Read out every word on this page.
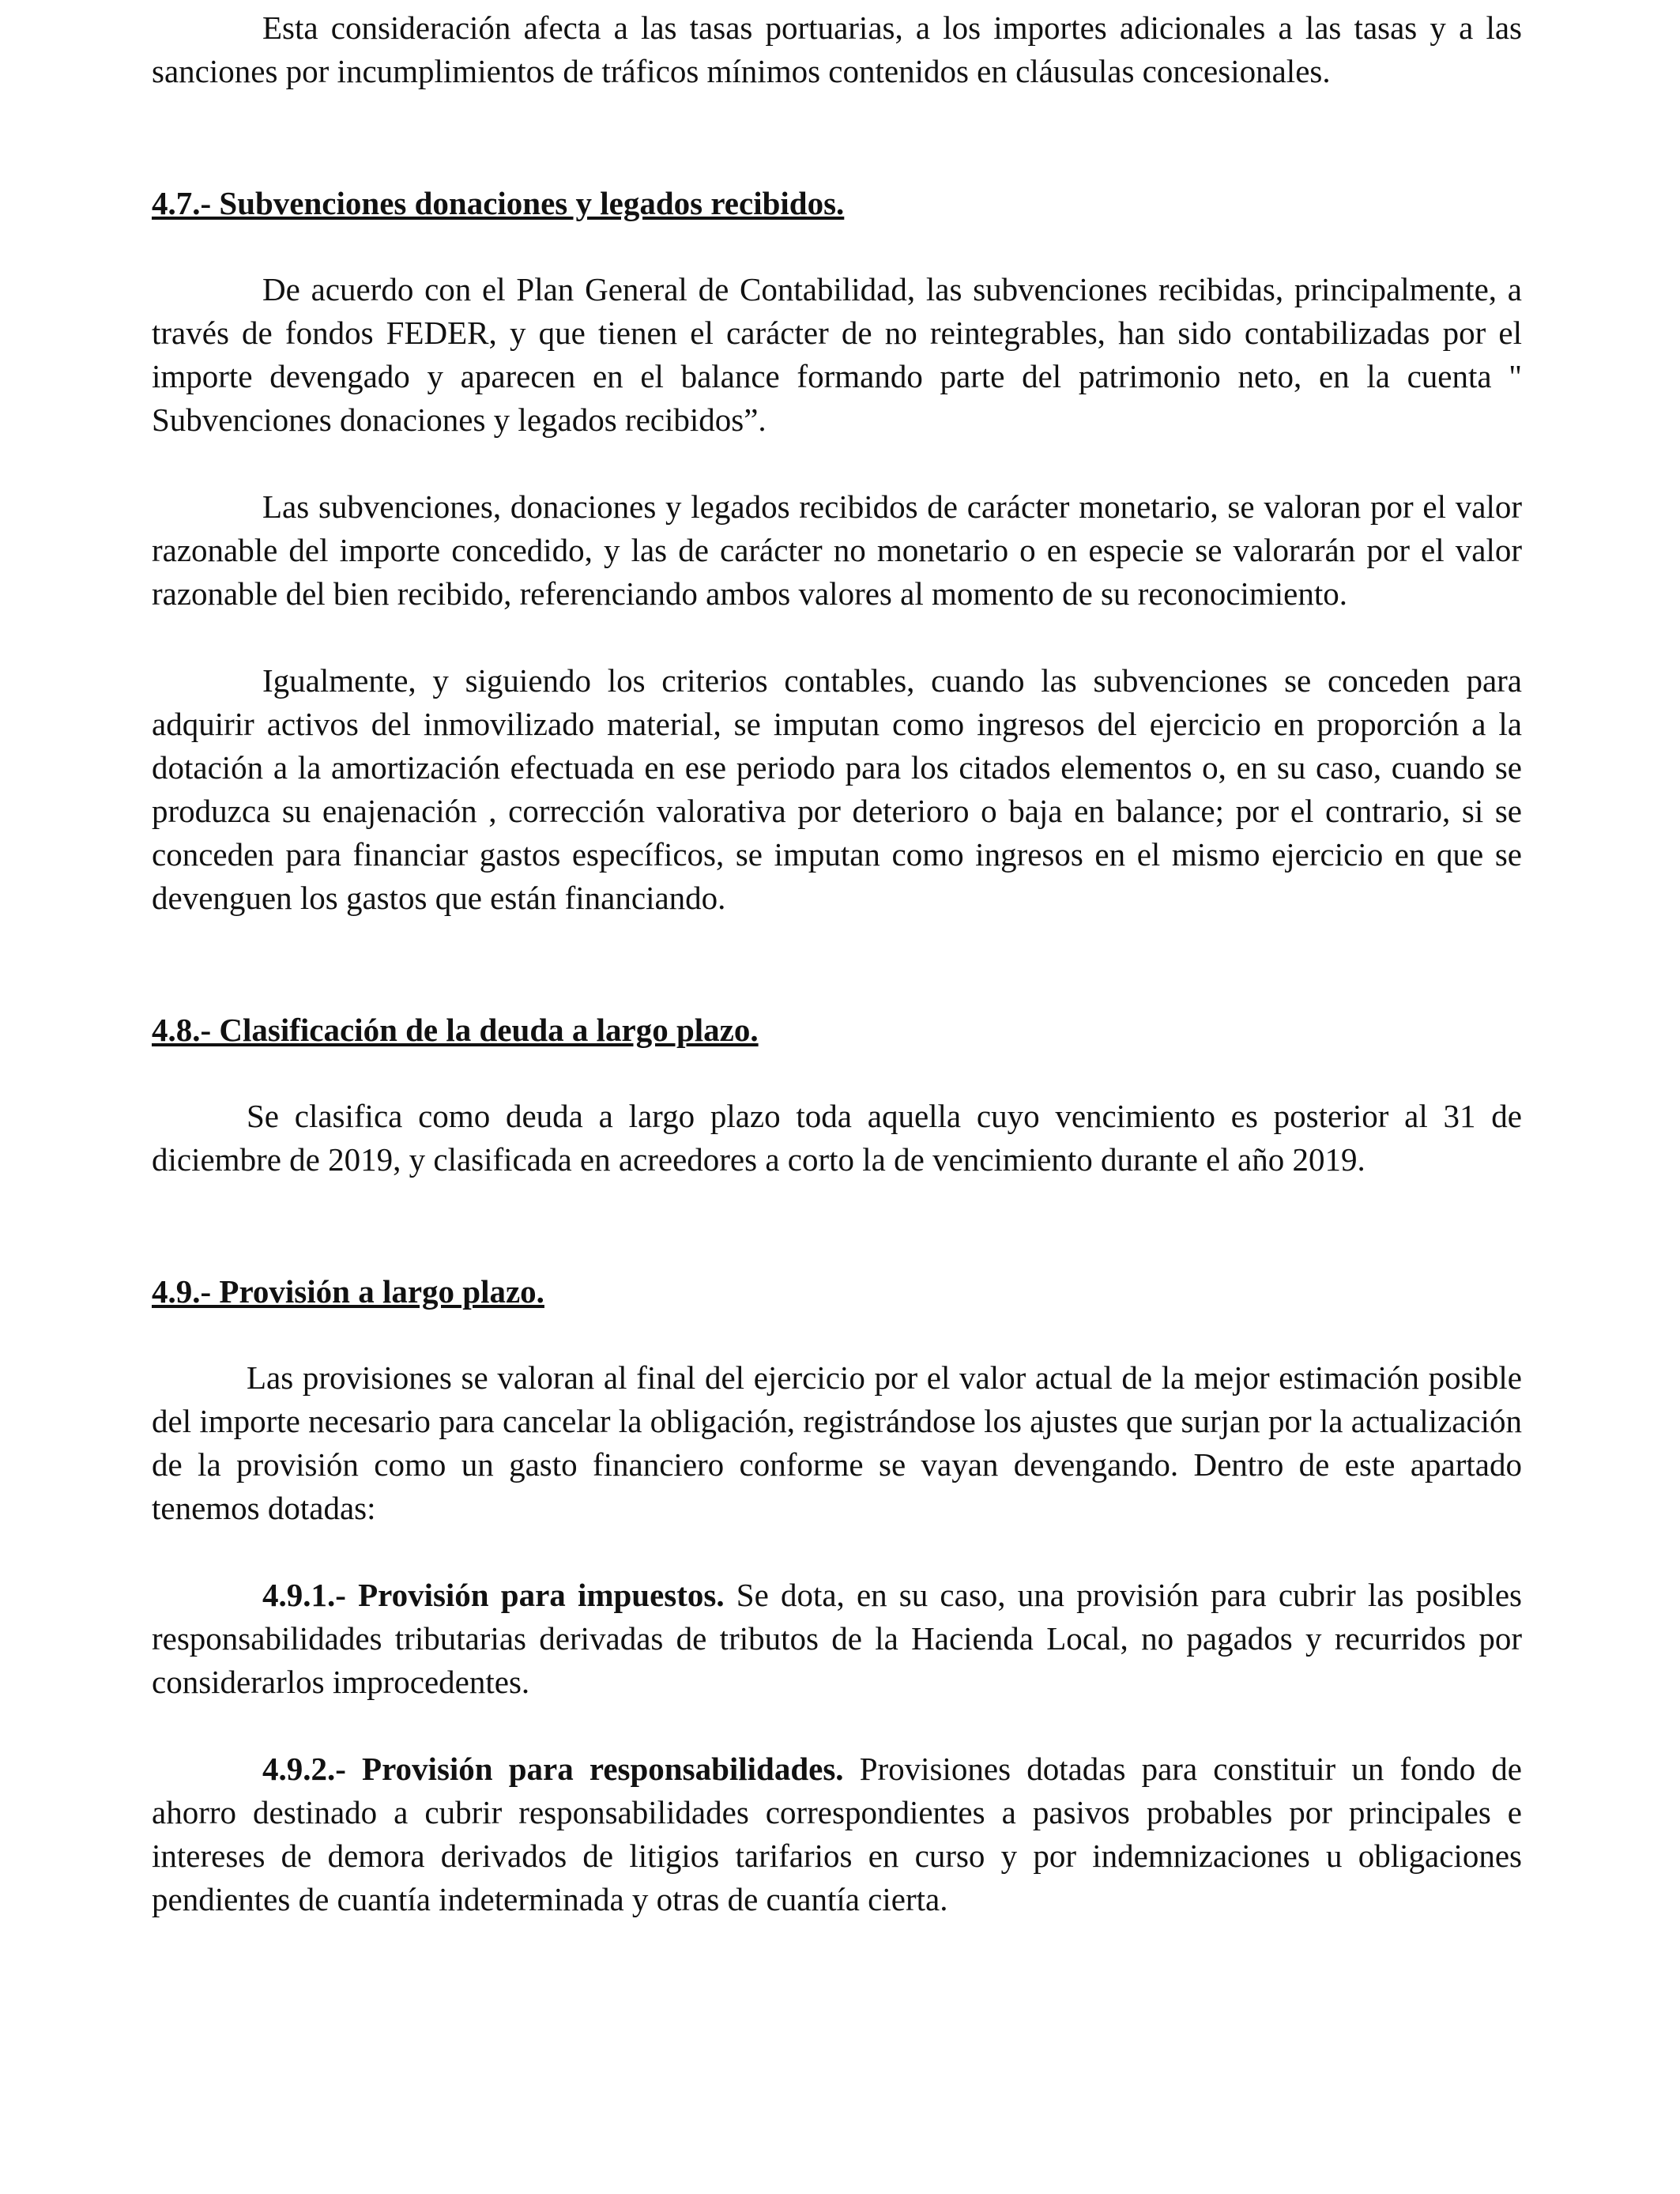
Esta consideración afecta a las tasas portuarias, a los importes adicionales a las tasas y a las sanciones por incumplimientos de tráficos mínimos contenidos en cláusulas concesionales.

4.7.- Subvenciones donaciones y legados recibidos.

De acuerdo con el Plan General de Contabilidad, las subvenciones recibidas, principalmente, a través de fondos FEDER, y que tienen el carácter de no reintegrables, han sido contabilizadas por el importe devengado y aparecen en el balance formando parte del patrimonio neto, en la cuenta " Subvenciones donaciones y legados recibidos”.

Las subvenciones, donaciones y legados recibidos de carácter monetario, se valoran por el valor razonable del importe concedido, y las de carácter no monetario o en especie se valorarán por el valor razonable del bien recibido, referenciando ambos valores al momento de su reconocimiento.

Igualmente, y siguiendo los criterios contables, cuando las subvenciones se conceden para adquirir activos del inmovilizado material, se imputan como ingresos del ejercicio en proporción a la dotación a la amortización efectuada en ese periodo para los citados elementos o, en su caso, cuando se produzca su enajenación , corrección valorativa por deterioro o baja en balance; por el contrario, si se conceden para financiar gastos específicos, se imputan como ingresos en el mismo ejercicio en que se devenguen los gastos que están financiando.

4.8.- Clasificación de la deuda a largo plazo.

Se clasifica como deuda a largo plazo toda aquella cuyo vencimiento es posterior al 31 de diciembre de 2019, y clasificada en acreedores a corto la de vencimiento durante el año 2019.

4.9.- Provisión a largo plazo.

Las provisiones se valoran al final del ejercicio por el valor actual de la mejor estimación posible del importe necesario para cancelar la obligación, registrándose los ajustes que surjan por la actualización de la provisión como un gasto financiero conforme se vayan devengando. Dentro de este apartado tenemos dotadas:

4.9.1.- Provisión para impuestos. Se dota, en su caso, una provisión para cubrir las posibles responsabilidades tributarias derivadas de tributos de la Hacienda Local, no pagados y recurridos por considerarlos improcedentes.

4.9.2.- Provisión para responsabilidades. Provisiones dotadas para constituir un fondo de ahorro destinado a cubrir responsabilidades correspondientes a pasivos probables por principales e intereses de demora derivados de litigios tarifarios en curso y por indemnizaciones u obligaciones pendientes de cuantía indeterminada y otras de cuantía cierta.
